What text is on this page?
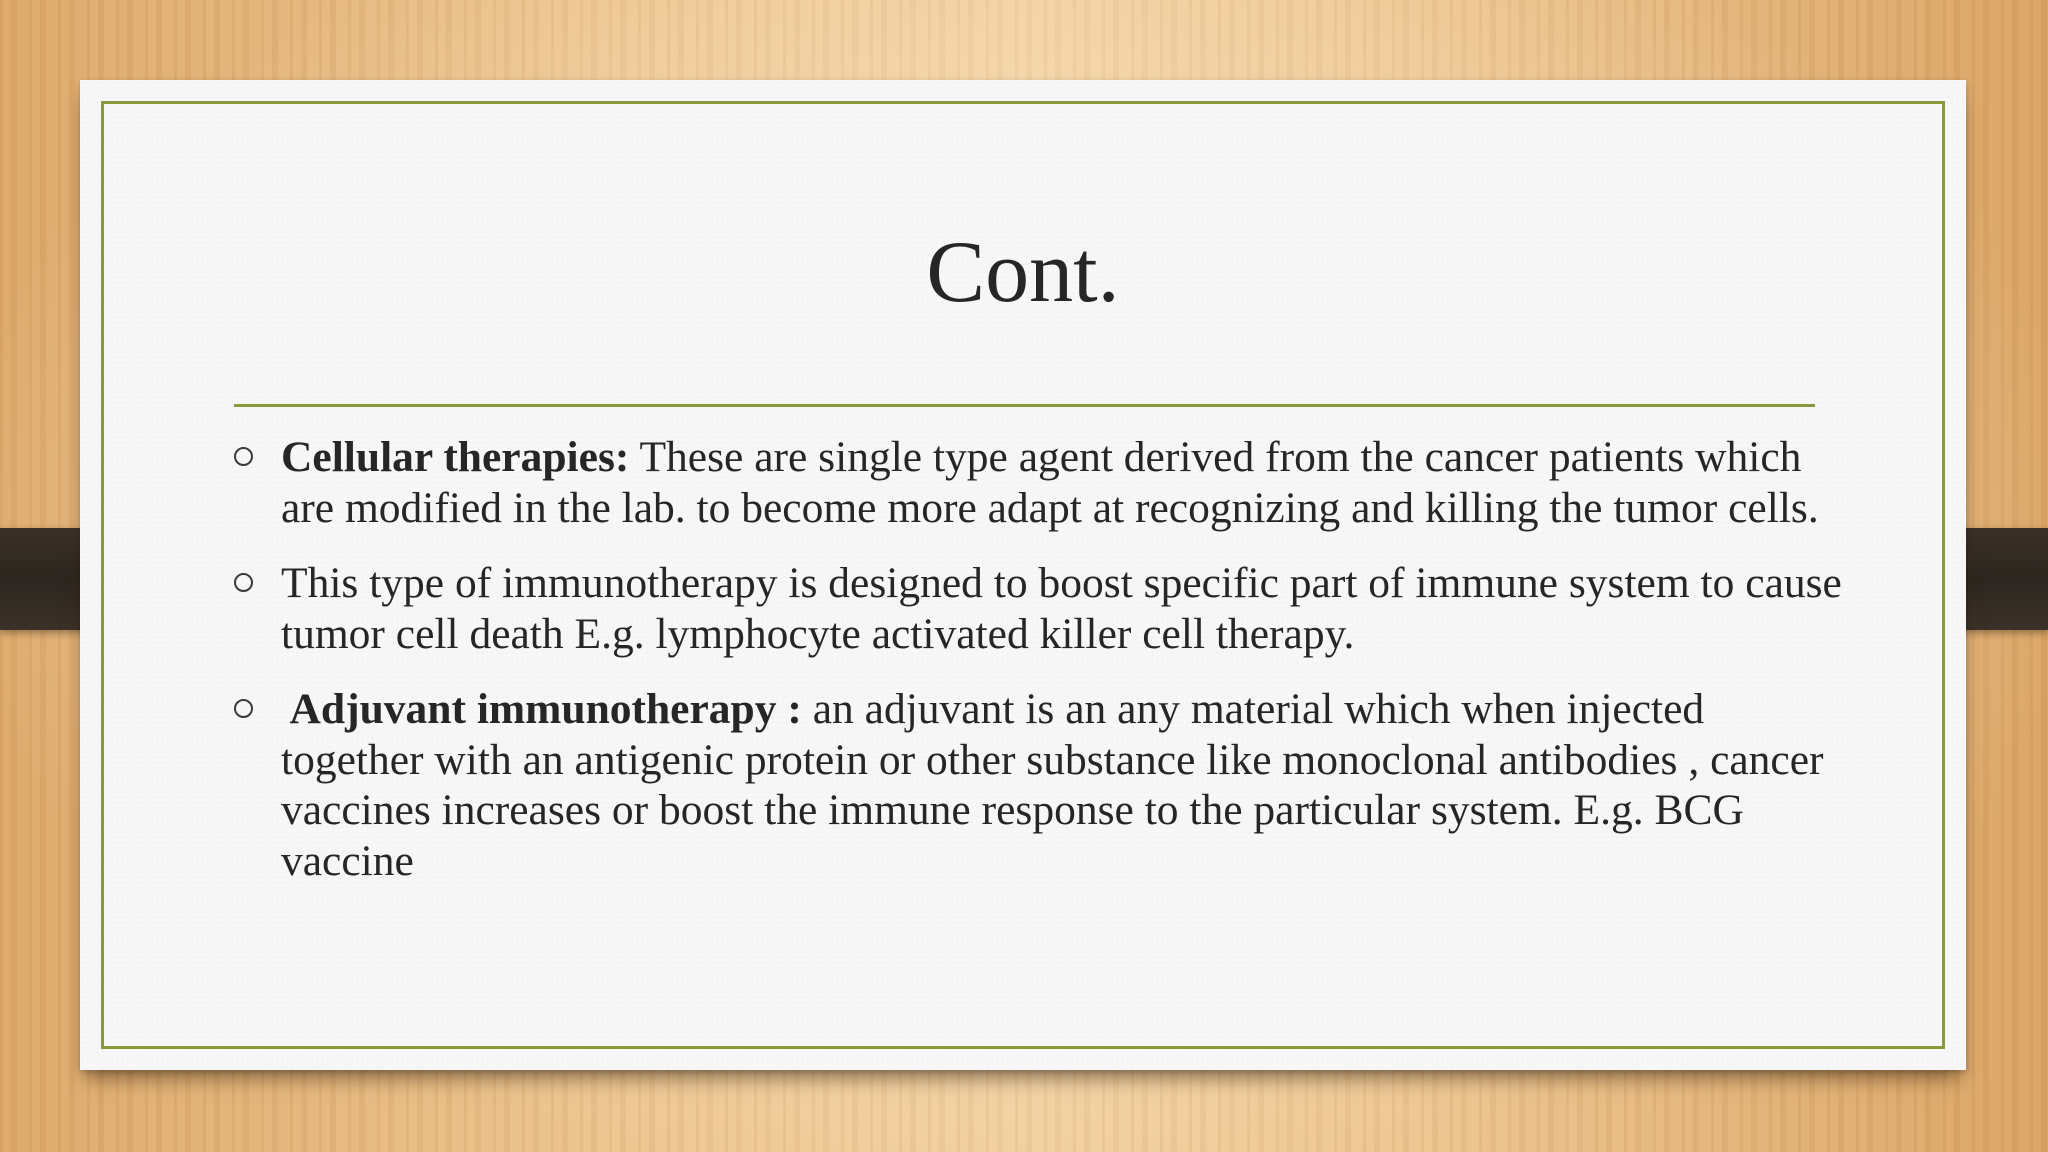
Cont.
Cellular therapies: These are single type agent derived from the cancer patients which are modified in the lab. to become more adapt at recognizing and killing the tumor cells.
This type of immunotherapy is designed to boost specific part of immune system to cause tumor cell death E.g. lymphocyte activated killer cell therapy.
Adjuvant immunotherapy : an adjuvant is an any material which when injected together with an antigenic protein or other substance like monoclonal antibodies , cancer vaccines increases or boost the immune response to the particular system. E.g. BCG vaccine
